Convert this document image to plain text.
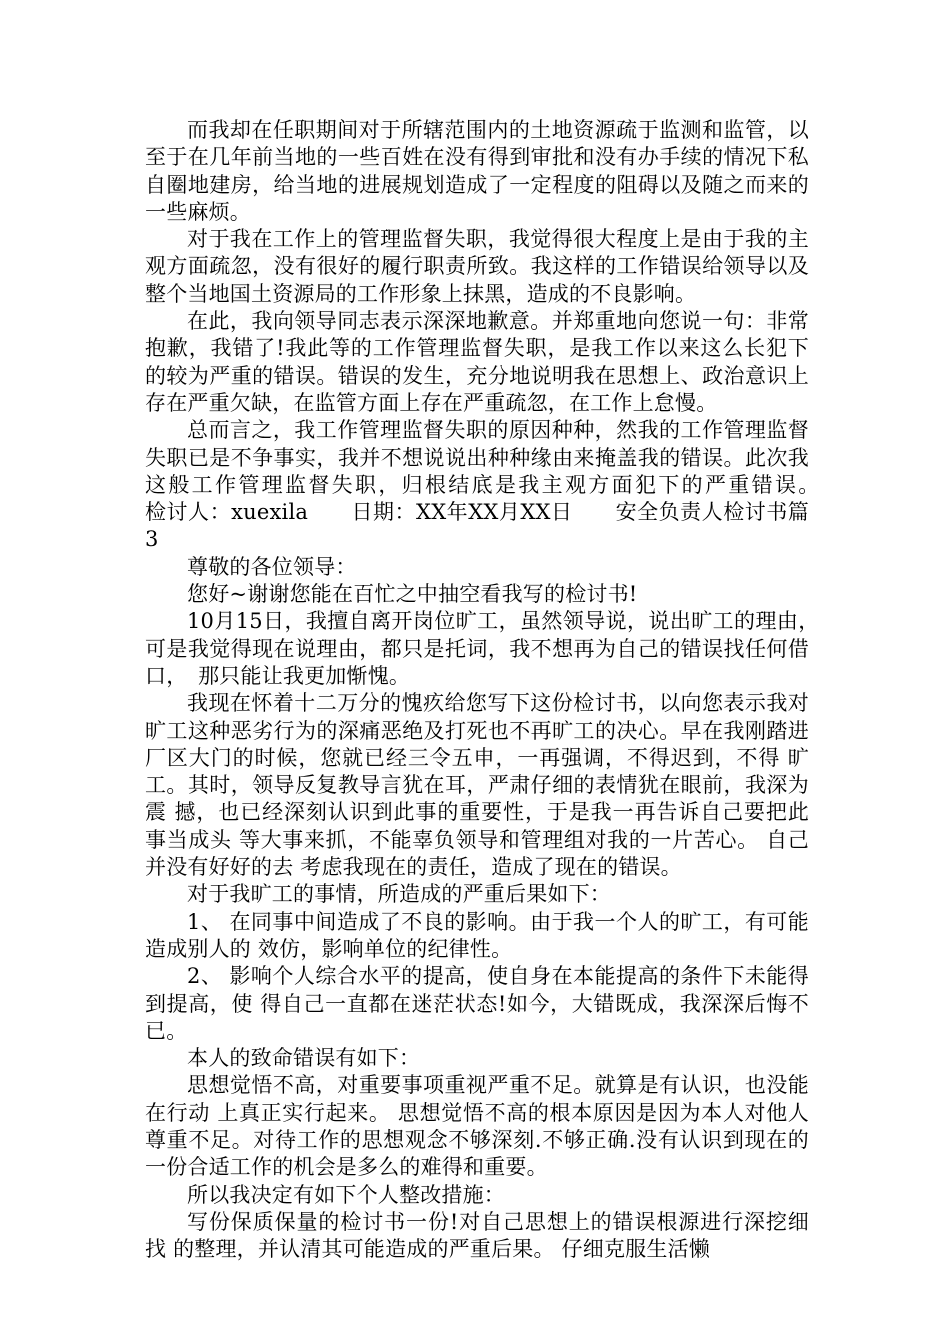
而我却在任职期间对于所辖范围内的土地资源疏于监测和监管，以至于在几年前当地的一些百姓在没有得到审批和没有办手续的情况下私自圈地建房，给当地的进展规划造成了一定程度的阻碍以及随之而来的一些麻烦。

对于我在工作上的管理监督失职，我觉得很大程度上是由于我的主观方面疏忽，没有很好的履行职责所致。我这样的工作错误给领导以及整个当地国土资源局的工作形象上抹黑，造成的不良影响。

在此，我向领导同志表示深深地歉意。并郑重地向您说一句：非常抱歉，我错了!我此等的工作管理监督失职，是我工作以来这么长犯下的较为严重的错误。错误的发生，充分地说明我在思想上、政治意识上存在严重欠缺，在监管方面上存在严重疏忽，在工作上怠慢。

总而言之，我工作管理监督失职的原因种种，然我的工作管理监督失职已是不争事实，我并不想说说出种种缘由来掩盖我的错误。此次我这般工作管理监督失职，归根结底是我主观方面犯下的严重错误。　　检讨人：xuexila　　日期：XX年XX月XX日　　安全负责人检讨书篇3

尊敬的各位领导：

您好~谢谢您能在百忙之中抽空看我写的检讨书!

10月15日，我擅自离开岗位旷工，虽然领导说，说出旷工的理由，　可是我觉得现在说理由，都只是托词，我不想再为自己的错误找任何借口，　那只能让我更加惭愧。

我现在怀着十二万分的愧疚给您写下这份检讨书，以向您表示我对旷工这种恶劣行为的深痛恶绝及打死也不再旷工的决心。早在我刚踏进厂区大门的时候，您就已经三令五申，一再强调，不得迟到，不得 旷工。其时，领导反复教导言犹在耳，严肃仔细的表情犹在眼前，我深为震 撼，也已经深刻认识到此事的重要性，于是我一再告诉自己要把此事当成头 等大事来抓，不能辜负领导和管理组对我的一片苦心。 自己并没有好好的去 考虑我现在的责任，造成了现在的错误。

对于我旷工的事情，所造成的严重后果如下：

1、 在同事中间造成了不良的影响。由于我一个人的旷工，有可能造成别人的 效仿，影响单位的纪律性。

2、 影响个人综合水平的提高，使自身在本能提高的条件下未能得到提高，使 得自己一直都在迷茫状态!如今，大错既成，我深深后悔不已。

本人的致命错误有如下：

思想觉悟不高，对重要事项重视严重不足。就算是有认识，也没能在行动 上真正实行起来。 思想觉悟不高的根本原因是因为本人对他人尊重不足。对待工作的思想观念不够深刻.不够正确.没有认识到现在的一份合适工作的机会是多么的难得和重要。

所以我决定有如下个人整改措施：

写份保质保量的检讨书一份!对自己思想上的错误根源进行深挖细找 的整理，并认清其可能造成的严重后果。 仔细克服生活懒
